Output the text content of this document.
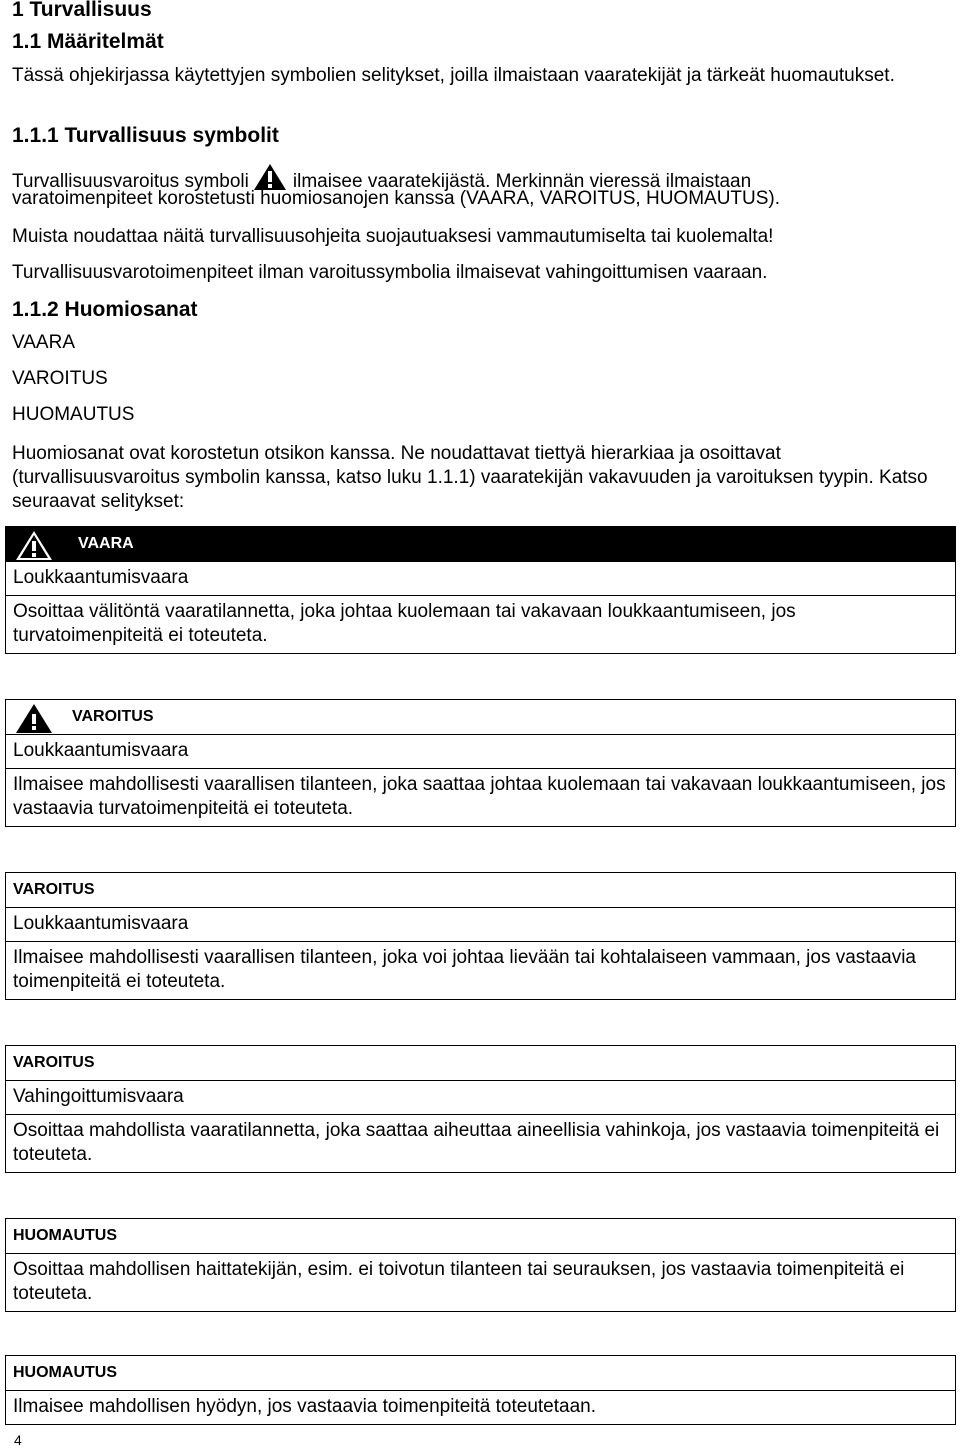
1 Turvallisuus
1.1 Määritelmät
Tässä ohjekirjassa käytettyjen symbolien selitykset, joilla ilmaistaan vaaratekijät ja tärkeät huomautukset.
1.1.1 Turvallisuus symbolit
Turvallisuusvaroitus symboli ilmaisee vaaratekijästä. Merkinnän vieressä ilmaistaan
varatoimenpiteet korostetusti huomiosanojen kanssa (VAARA, VAROITUS, HUOMAUTUS).
Muista noudattaa näitä turvallisuusohjeita suojautuaksesi vammautumiselta tai kuolemalta!
Turvallisuusvarotoimenpiteet ilman varoitussymbolia ilmaisevat vahingoittumisen vaaraan.
1.1.2 Huomiosanat
VAARA
VAROITUS
HUOMAUTUS
Huomiosanat ovat korostetun otsikon kanssa. Ne noudattavat tiettyä hierarkiaa ja osoittavat (turvallisuusvaroitus symbolin kanssa, katso luku 1.1.1) vaaratekijän vakavuuden ja varoituksen tyypin. Katso seuraavat selitykset:
VAARA
Loukkaantumisvaara
Osoittaa välitöntä vaaratilannetta, joka johtaa kuolemaan tai vakavaan loukkaantumiseen, jos turvatoimenpiteitä ei toteuteta.
VAROITUS
Loukkaantumisvaara
Ilmaisee mahdollisesti vaarallisen tilanteen, joka saattaa johtaa kuolemaan tai vakavaan loukkaantumiseen, jos vastaavia turvatoimenpiteitä ei toteuteta.
VAROITUS
Loukkaantumisvaara
Ilmaisee mahdollisesti vaarallisen tilanteen, joka voi johtaa lievään tai kohtalaiseen vammaan, jos vastaavia toimenpiteitä ei toteuteta.
VAROITUS
Vahingoittumisvaara
Osoittaa mahdollista vaaratilannetta, joka saattaa aiheuttaa aineellisia vahinkoja, jos vastaavia toimenpiteitä ei toteuteta.
HUOMAUTUS
Osoittaa mahdollisen haittatekijän, esim. ei toivotun tilanteen tai seurauksen, jos vastaavia toimenpiteitä ei toteuteta.
HUOMAUTUS
Ilmaisee mahdollisen hyödyn, jos vastaavia toimenpiteitä toteutetaan.
4
